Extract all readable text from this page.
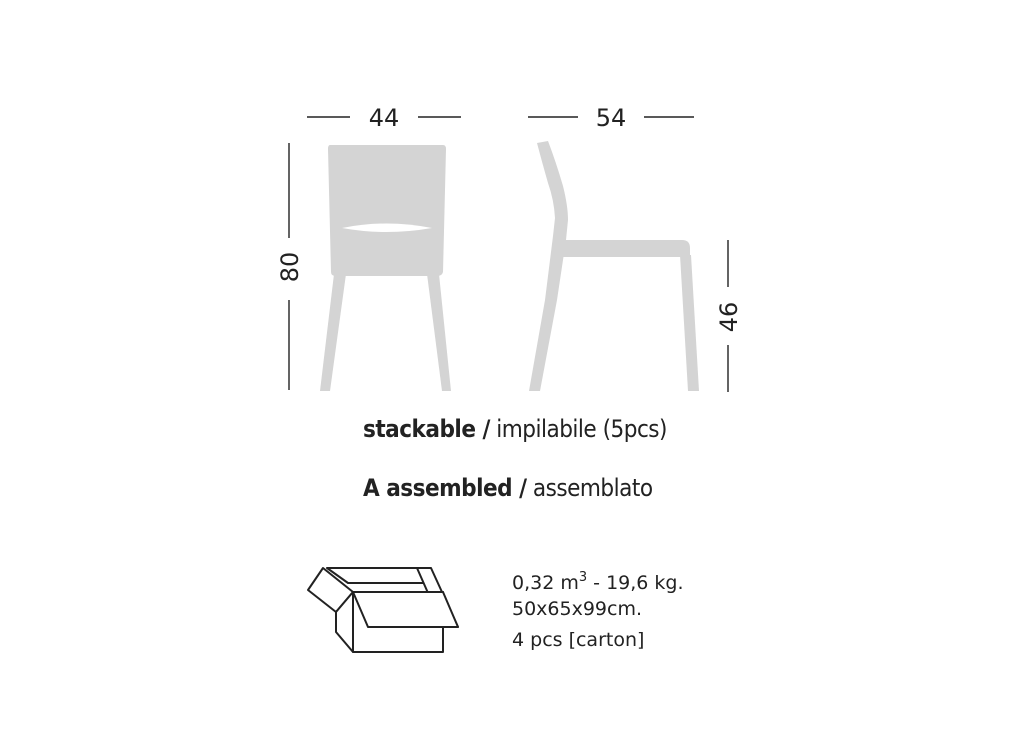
44	54
80
46
stackable / impilabile (5pcs)
A assembled / assemblato
0,32 $m^3 - 19,6$ kg.
50x65x99cm.
4 pcs [carton]
